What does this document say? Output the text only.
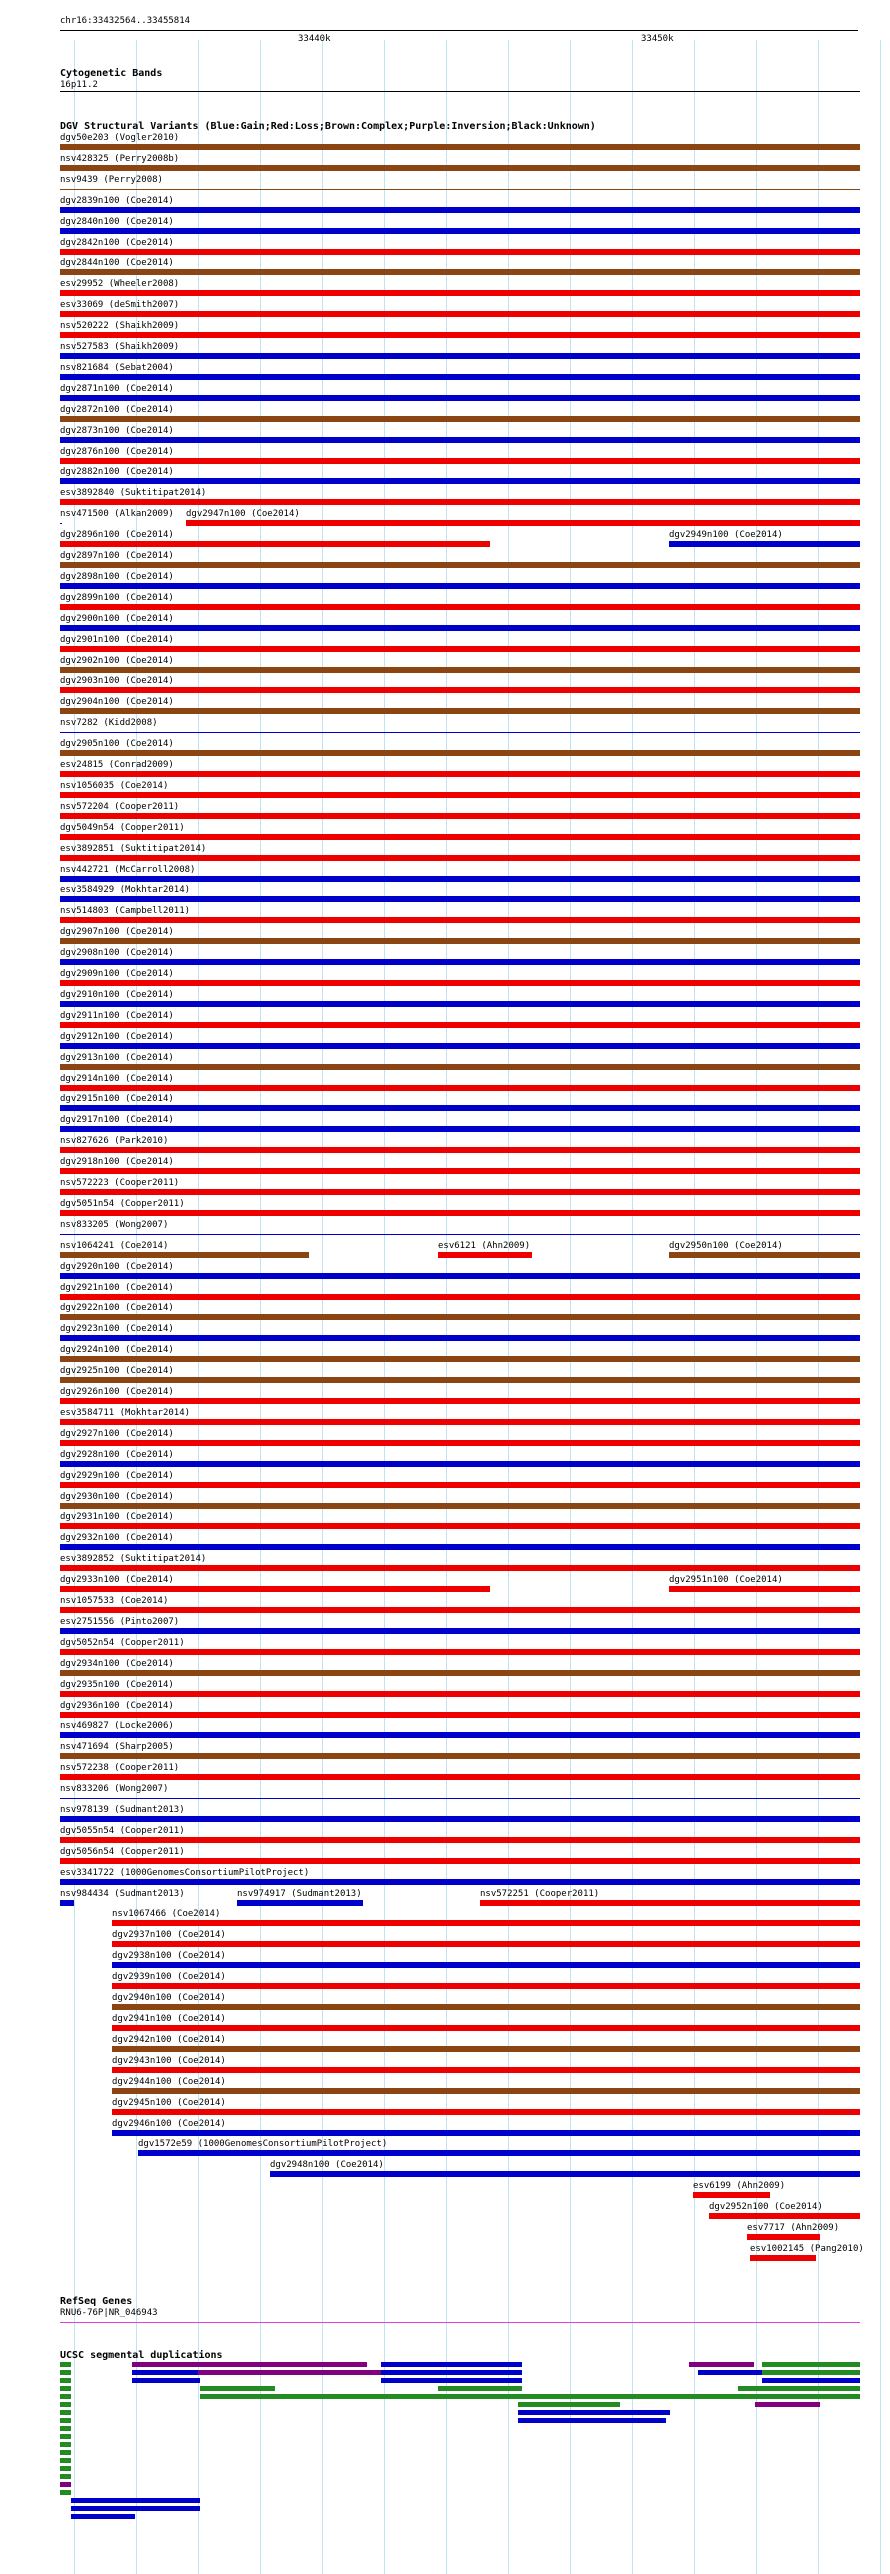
chr16:33432564..33455814
33440k	33450k
Cytogenetic Bands
16p11.2
DGV Structural Variants (Blue:Gain;Red:Loss;Brown:Complex;Purple:Inversion;Black:Unknown)
dgv50e203 (Vogler2010)
nsv428325 (Perry2008b)
nsv9439 (Perry2008)
dgv2839n100 (Coe2014)
dgv2840n100 (Coe2014)
dgv2842n100 (Coe2014)
dgv2844n100 (Coe2014)
esv29952 (Wheeler2008)
esv33069 (deSmith2007)
nsv520222 (Shaikh2009)
nsv527583 (Shaikh2009)
nsv821684 (Sebat2004)
dgv2871n100 (Coe2014)
dgv2872n100 (Coe2014)
dgv2873n100 (Coe2014)
dgv2876n100 (Coe2014)
dgv2882n100 (Coe2014)
esv3892840 (Suktitipat2014)
nsv471500 (Alkan2009) dgv2947n100 (Coe2014)
dgv2896n100 (Coe2014)	dgv2949n100 (Coe2014)
dgv2897n100 (Coe2014)
dgv2898n100 (Coe2014)
dgv2899n100 (Coe2014)
dgv2900n100 (Coe2014)
dgv2901n100 (Coe2014)
dgv2902n100 (Coe2014)
dgv2903n100 (Coe2014)
dgv2904n100 (Coe2014)
nsv7282 (Kidd2008)
dgv2905n100 (Coe2014)
esv24815 (Conrad2009)
nsv1056035 (Coe2014)
nsv572204 (Cooper2011)
dgv5049n54 (Cooper2011)
esv3892851 (Suktitipat2014)
nsv442721 (McCarroll2008)
esv3584929 (Mokhtar2014)
nsv514803 (Campbell2011)
dgv2907n100 (Coe2014)
dgv2908n100 (Coe2014)
dgv2909n100 (Coe2014)
dgv2910n100 (Coe2014)
dgv2911n100 (Coe2014)
dgv2912n100 (Coe2014)
dgv2913n100 (Coe2014)
dgv2914n100 (Coe2014)
dgv2915n100 (Coe2014)
dgv2917n100 (Coe2014)
nsv827626 (Park2010)
dgv2918n100 (Coe2014)
nsv572223 (Cooper2011)
dgv5051n54 (Cooper2011)
nsv833205 (Wong2007)
nsv1064241 (Coe2014)	esv6121 (Ahn2009)	dgv2950n100 (Coe2014)
dgv2920n100 (Coe2014)
dgv2921n100 (Coe2014)
dgv2922n100 (Coe2014)
dgv2923n100 (Coe2014)
dgv2924n100 (Coe2014)
dgv2925n100 (Coe2014)
dgv2926n100 (Coe2014)
esv3584711 (Mokhtar2014)
dgv2927n100 (Coe2014)
dgv2928n100 (Coe2014)
dgv2929n100 (Coe2014)
dgv2930n100 (Coe2014)
dgv2931n100 (Coe2014)
dgv2932n100 (Coe2014)
esv3892852 (Suktitipat2014)
dgv2933n100 (Coe2014)	dgv2951n100 (Coe2014)
nsv1057533 (Coe2014)
esv2751556 (Pinto2007)
dgv5052n54 (Cooper2011)
dgv2934n100 (Coe2014)
dgv2935n100 (Coe2014)
dgv2936n100 (Coe2014)
nsv469827 (Locke2006)
nsv471694 (Sharp2005)
nsv572238 (Cooper2011)
nsv833206 (Wong2007)
nsv978139 (Sudmant2013)
dgv5055n54 (Cooper2011)
dgv5056n54 (Cooper2011)
esv3341722 (1000GenomesConsortiumPilotProject)
nsv984434 (Sudmant2013)	nsv974917 (Sudmant2013)	nsv572251 (Cooper2011)
nsv1067466 (Coe2014)
dgv2937n100 (Coe2014)
dgv2938n100 (Coe2014)
dgv2939n100 (Coe2014)
dgv2940n100 (Coe2014)
dgv2941n100 (Coe2014)
dgv2942n100 (Coe2014)
dgv2943n100 (Coe2014)
dgv2944n100 (Coe2014)
dgv2945n100 (Coe2014)
dgv2946n100 (Coe2014)
dgv1572e59 (1000GenomesConsortiumPilotProject)
dgv2948n100 (Coe2014)
esv6199 (Ahn2009)
dgv2952n100 (Coe2014)
esv7717 (Ahn2009)
esv1002145 (Pang2010)
RefSeq Genes
RNU6-76P|NR_046943
UCSC segmental duplications
